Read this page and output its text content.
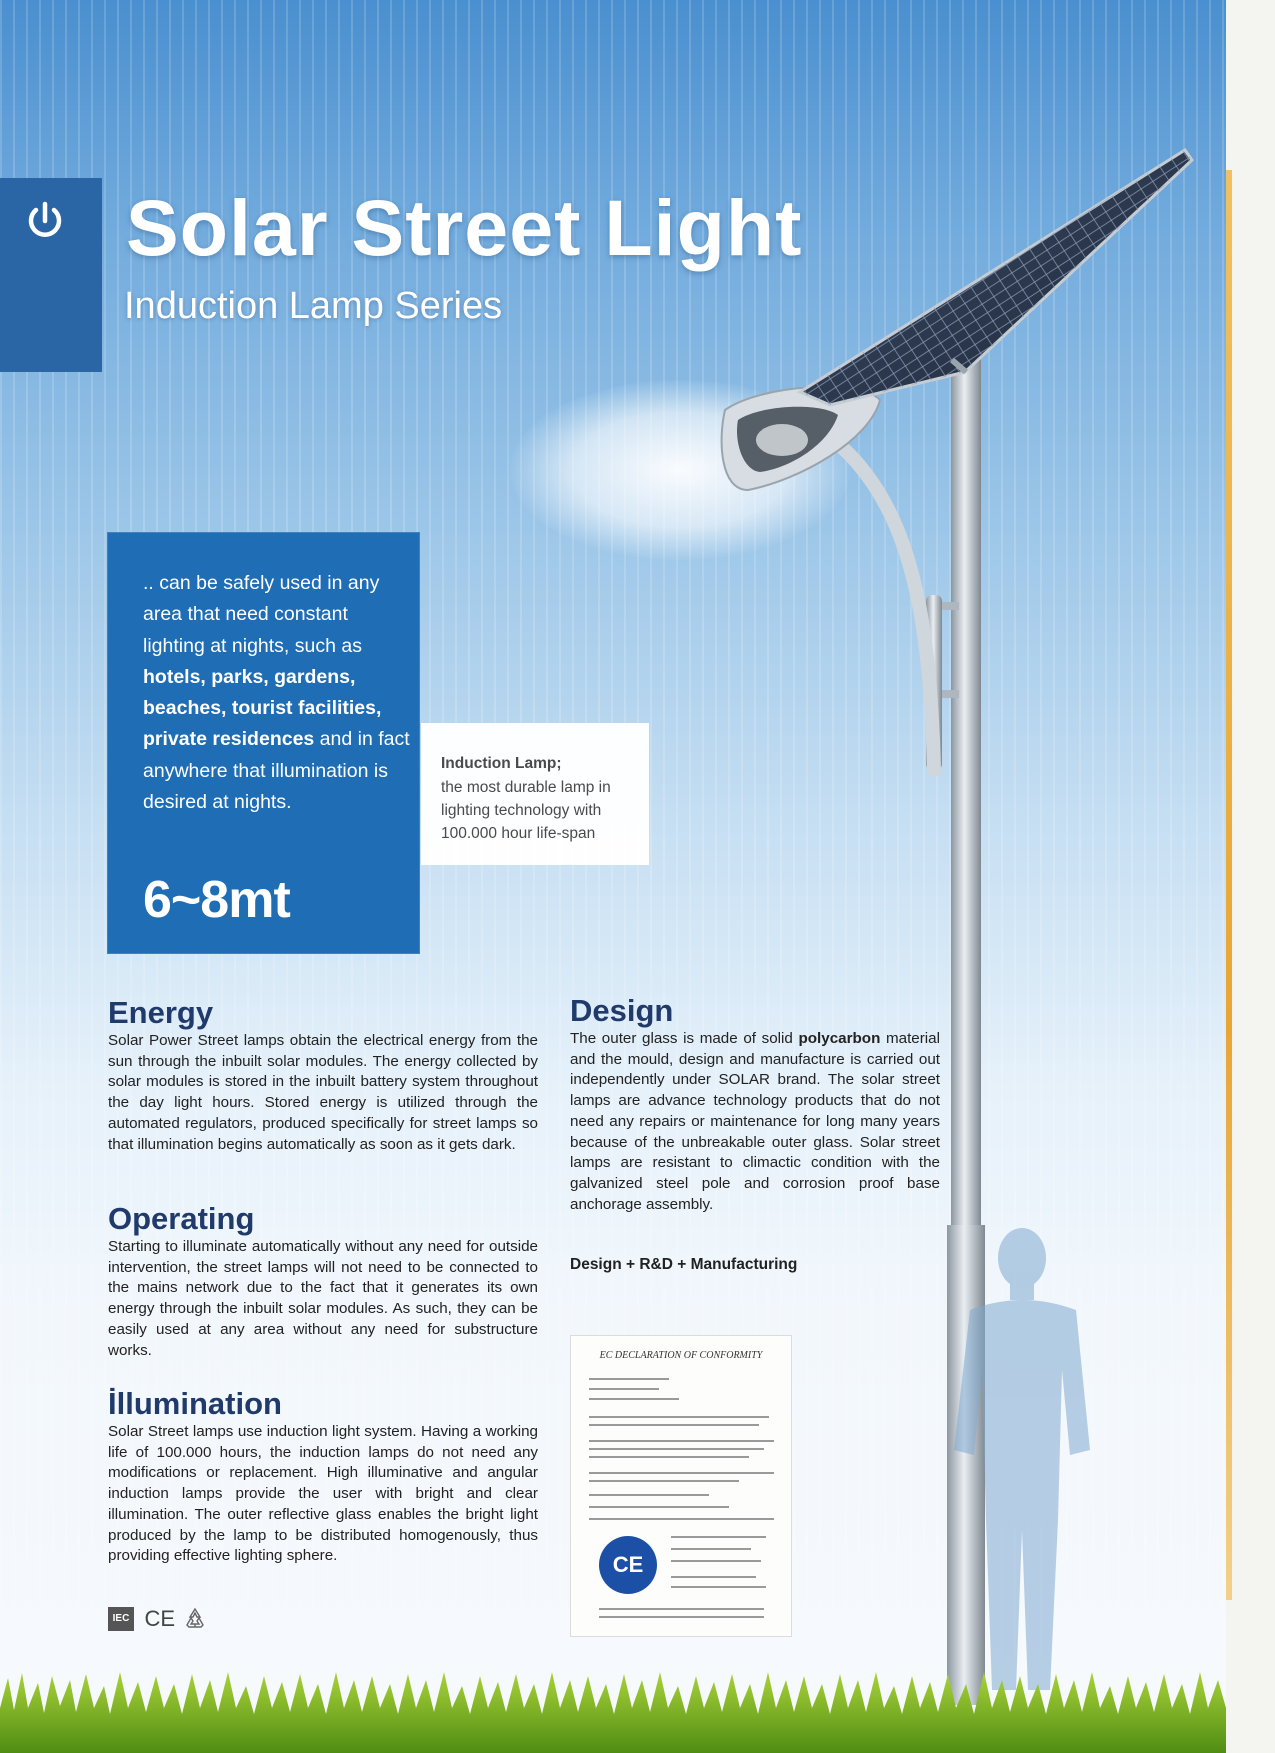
Solar Street Light

Induction Lamp Series

.. can be safely used in any area that need constant lighting at nights, such as hotels, parks, gardens, beaches, tourist facilities, private residences and in fact anywhere that illumination is desired at nights.

6~8mt
Induction Lamp;
the most durable lamp in lighting technology with 100.000 hour life-span
Energy

Solar Power Street lamps obtain the electrical energy from the sun through the inbuilt solar modules. The energy collected by solar modules is stored in the inbuilt battery system throughout the day light hours. Stored energy is utilized through the automated regulators, produced specifically for street lamps so that illumination begins automatically as soon as it gets dark.

Operating

Starting to illuminate automatically without any need for outside intervention, the street lamps will not need to be connected to the mains network due to the fact that it generates its own energy through the inbuilt solar modules. As such, they can be easily used at any area without any need for substructure works.

İllumination

Solar Street lamps use induction light system. Having a working life of 100.000 hours, the induction lamps do not need any modifications or replacement. High illuminative and angular induction lamps provide the user with bright and clear illumination. The outer reflective glass enables the bright light produced by the lamp to be distributed homogenously, thus providing effective lighting sphere.

Design

The outer glass is made of solid polycarbon material and the mould, design and manufacture is carried out independently under SOLAR brand. The solar street lamps are advance technology products that do not need any repairs or maintenance for long many years because of the unbreakable outer glass. Solar street lamps are resistant to climactic condition with the galvanized steel pole and corrosion proof base anchorage assembly.

Design + R&D + Manufacturing
EC DECLARATION OF CONFORMITY
CE
IEC CE
